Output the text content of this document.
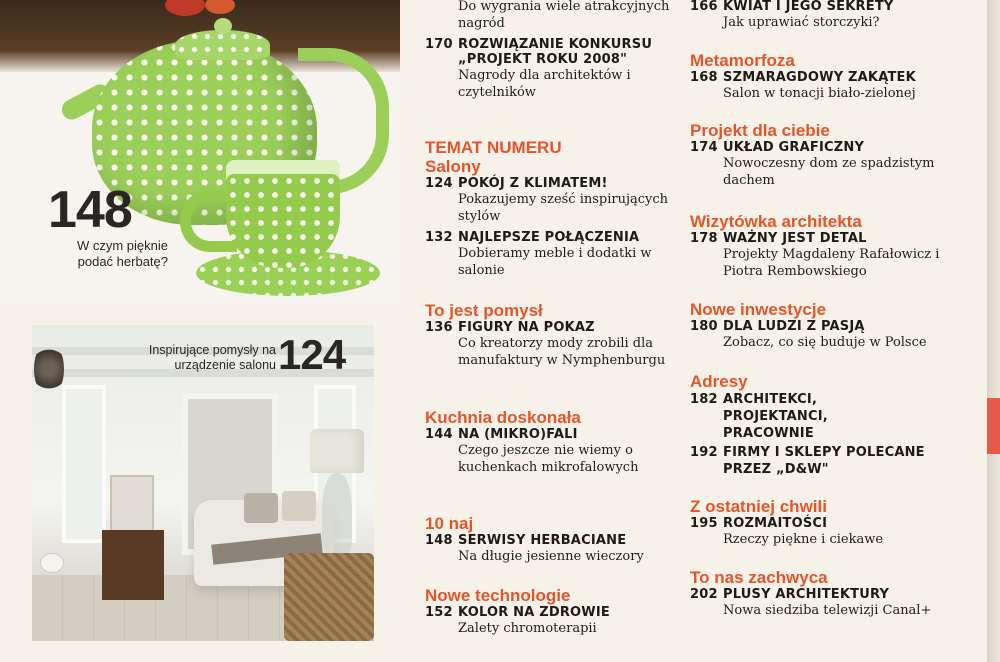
148
W czym pięknie podać herbatę?
Inspirujące pomysły na urządzenie salonu 124
Do wygrania wiele atrakcyjnych nagród
170 ROZWIĄZANIE KONKURSU „PROJEKT ROKU 2008"
Nagrody dla architektów i czytelników
TEMAT NUMERU
Salony
124 POKÓJ Z KLIMATEM!
Pokazujemy sześć inspirujących stylów
132 NAJLEPSZE POŁĄCZENIA
Dobieramy meble i dodatki w salonie
To jest pomysł
136 FIGURY NA POKAZ
Co kreatorzy mody zrobili dla manufaktury w Nymphenburgu
Kuchnia doskonała
144 NA (MIKRO)FALI
Czego jeszcze nie wiemy o kuchenkach mikrofalowych
10 naj
148 SERWISY HERBACIANE
Na długie jesienne wieczory
Nowe technologie
152 KOLOR NA ZDROWIE
Zalety chromoterapii
166 KWIAT I JEGO SEKRETY
Jak uprawiać storczyki?
Metamorfoza
168 SZMARAGDOWY ZAKĄTEK
Salon w tonacji biało-zielonej
Projekt dla ciebie
174 UKŁAD GRAFICZNY
Nowoczesny dom ze spadzistym dachem
Wizytówka architekta
178 WAŻNY JEST DETAL
Projekty Magdaleny Rafałowicz i Piotra Rembowskiego
Nowe inwestycje
180 DLA LUDZI Z PASJĄ
Zobacz, co się buduje w Polsce
Adresy
182 ARCHITEKCI, PROJEKTANCI, PRACOWNIE
192 FIRMY I SKLEPY POLECANE PRZEZ „D&W"
Z ostatniej chwili
195 ROZMAITOŚCI
Rzeczy piękne i ciekawe
To nas zachwyca
202 PLUSY ARCHITEKTURY
Nowa siedziba telewizji Canal+
